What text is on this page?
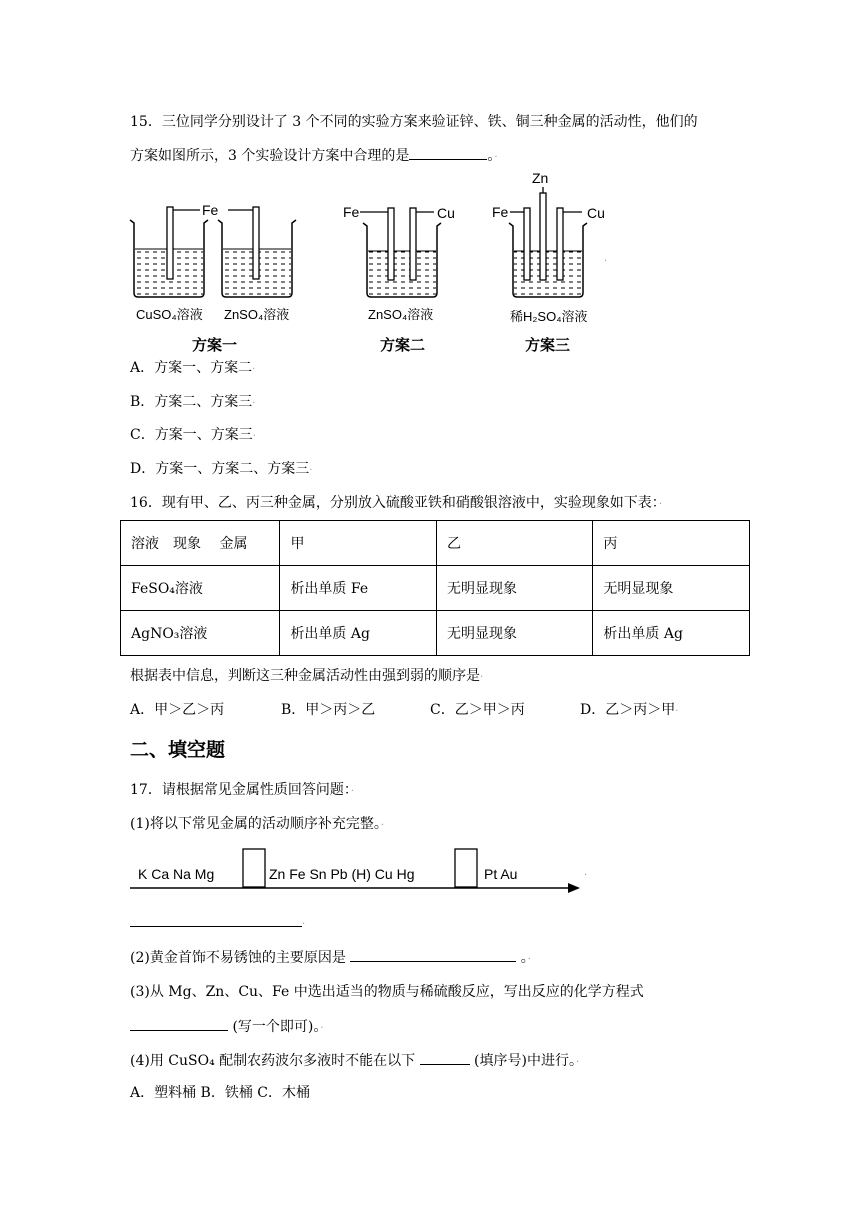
15．三位同学分别设计了 3 个不同的实验方案来验证锌、铁、铜三种金属的活动性，他们的
方案如图所示，3 个实验设计方案中合理的是	。·
Fe
CuSO₄溶液 ZnSO₄溶液
方案一
Fe	Cu
ZnSO₄溶液
方案二
Zn
Fe	Cu
稀H₂SO₄溶液
方案三
·
A．方案一、方案二·
B．方案二、方案三·
C．方案一、方案三·
D．方案一、方案二、方案三·
16．现有甲、乙、丙三种金属，分别放入硫酸亚铁和硝酸银溶液中，实验现象如下表：·
溶液　现象　 金属	甲	乙	丙
FeSO₄溶液	析出单质 Fe	无明显现象	无明显现象
AgNO₃溶液	析出单质 Ag	无明显现象	析出单质 Ag
根据表中信息，判断这三种金属活动性由强到弱的顺序是·
A．甲＞乙＞丙	B．甲＞丙＞乙	C．乙＞甲＞丙	D．乙＞丙＞甲·
二、填空题
17．请根据常见金属性质回答问题：·
(1)将以下常见金属的活动顺序补充完整。·
K Ca Na Mg	Zn Fe Sn Pb (H) Cu Hg	Pt Au	·
·
(2)黄金首饰不易锈蚀的主要原因是	。·
(3)从 Mg、Zn、Cu、Fe 中选出适当的物质与稀硫酸反应，写出反应的化学方程式
(写一个即可)。·
(4)用 CuSO₄ 配制农药波尔多液时不能在以下	(填序号)中进行。·
A．塑料桶 B．铁桶 C．木桶
